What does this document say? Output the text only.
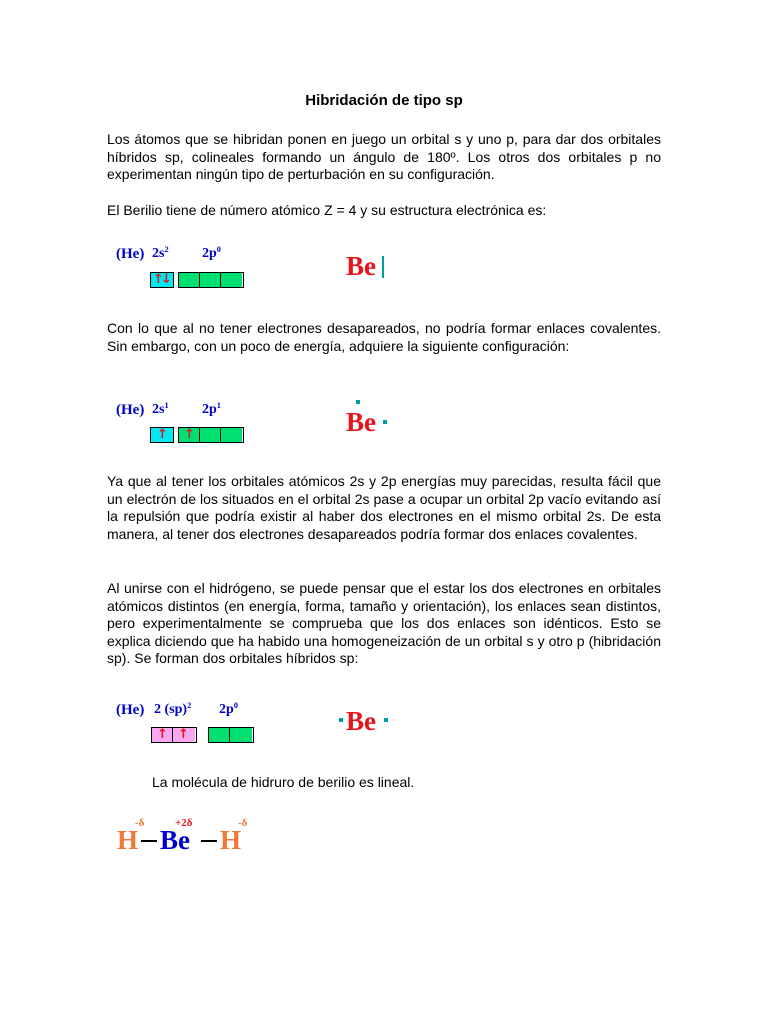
Hibridación de tipo sp

Los átomos que se hibridan ponen en juego un orbital s y uno p, para dar dos orbitales híbridos sp, colineales formando un ángulo de 180º. Los otros dos orbitales p no experimentan ningún tipo de perturbación en su configuración.

El Berilio tiene de número atómico Z = 4 y su estructura electrónica es:

(He) $2s^2$ $2p^0$
↑
↓	Be

Con lo que al no tener electrones desapareados, no podría formar enlaces covalentes. Sin embargo, con un poco de energía, adquiere la siguiente configuración:

(He) $2s^1$ $2p^1$
↑ ↑	Be

Ya que al tener los orbitales atómicos 2s y 2p energías muy parecidas, resulta fácil que un electrón de los situados en el orbital 2s pase a ocupar un orbital 2p vacío evitando así la repulsión que podría existir al haber dos electrones en el mismo orbital 2s. De esta manera, al tener dos electrones desapareados podría formar dos enlaces covalentes.

Al unirse con el hidrógeno, se puede pensar que el estar los dos electrones en orbitales atómicos distintos (en energía, forma, tamaño y orientación), los enlaces sean distintos, pero experimentalmente se comprueba que los dos enlaces son idénticos. Esto se explica diciendo que ha habido una homogeneización de un orbital s y otro p (hibridación sp). Se forman dos orbitales híbridos sp:

(He) 2 (sp)$^2$ $2p^0$
↑ ↑	Be
La molécula de hidruro de berilio es lineal.
H
-δ
Be
+2δ
H
-δ
